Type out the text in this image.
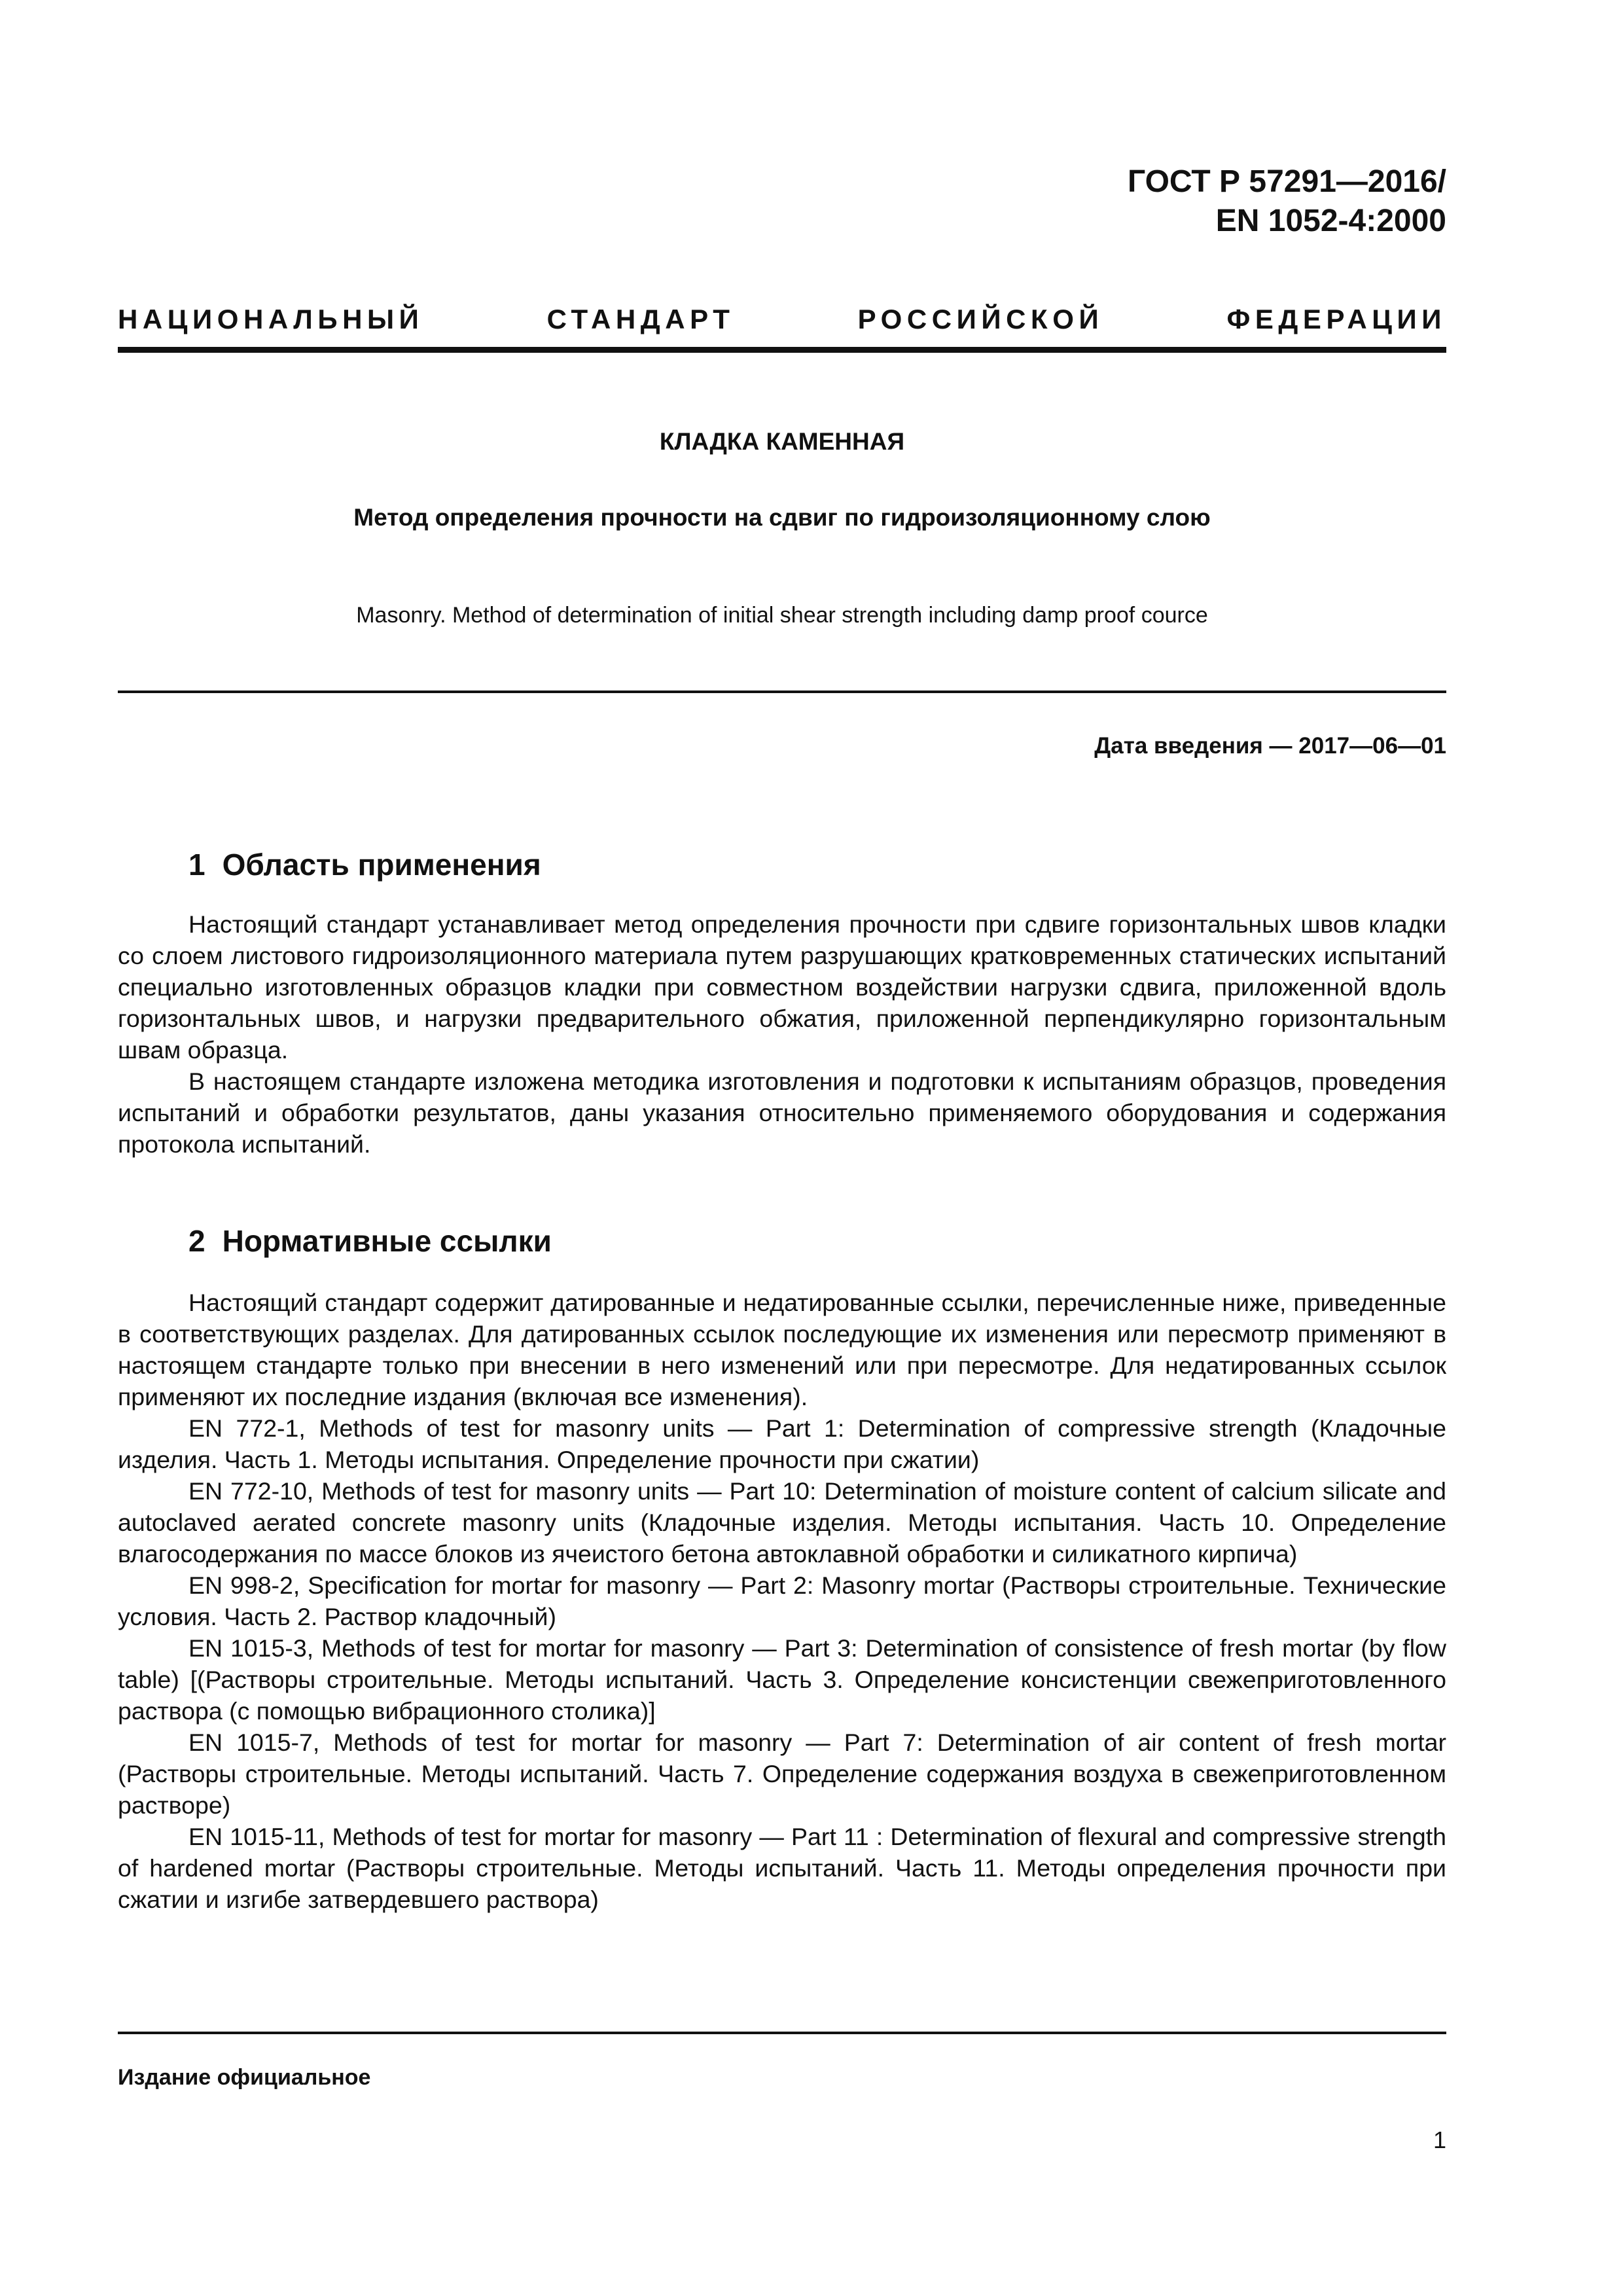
ГОСТ Р 57291—2016/
EN 1052-4:2000
НАЦИОНАЛЬНЫЙ СТАНДАРТ РОССИЙСКОЙ ФЕДЕРАЦИИ
КЛАДКА КАМЕННАЯ
Метод определения прочности на сдвиг по гидроизоляционному слою
Masonry. Method of determination of initial shear strength including damp proof cource
Дата введения — 2017—06—01
1 Область применения

Настоящий стандарт устанавливает метод определения прочности при сдвиге горизонтальных швов кладки со слоем листового гидроизоляционного материала путем разрушающих кратковременных статических испытаний специально изготовленных образцов кладки при совместном воздействии нагрузки сдвига, приложенной вдоль горизонтальных швов, и нагрузки предварительного обжатия, приложенной перпендикулярно горизонтальным швам образца.

В настоящем стандарте изложена методика изготовления и подготовки к испытаниям образцов, проведения испытаний и обработки результатов, даны указания относительно применяемого оборудования и содержания протокола испытаний.

2 Нормативные ссылки

Настоящий стандарт содержит датированные и недатированные ссылки, перечисленные ниже, приведенные в соответствующих разделах. Для датированных ссылок последующие их изменения или пересмотр применяют в настоящем стандарте только при внесении в него изменений или при пересмотре. Для недатированных ссылок применяют их последние издания (включая все изменения).

EN 772-1, Methods of test for masonry units — Part 1: Determination of compressive strength (Кладочные изделия. Часть 1. Методы испытания. Определение прочности при сжатии)

EN 772-10, Methods of test for masonry units — Part 10: Determination of moisture content of calcium silicate and autoclaved aerated concrete masonry units (Кладочные изделия. Методы испытания. Часть 10. Определение влагосодержания по массе блоков из ячеистого бетона автоклавной обработки и силикатного кирпича)

EN 998-2, Specification for mortar for masonry — Part 2: Masonry mortar (Растворы строительные. Технические условия. Часть 2. Раствор кладочный)

EN 1015-3, Methods of test for mortar for masonry — Part 3: Determination of consistence of fresh mortar (by flow table) [(Растворы строительные. Методы испытаний. Часть 3. Определение консистенции свежеприготовленного раствора (с помощью вибрационного столика)]

EN 1015-7, Methods of test for mortar for masonry — Part 7: Determination of air content of fresh mortar (Растворы строительные. Методы испытаний. Часть 7. Определение содержания воздуха в свежеприготовленном растворе)

EN 1015-11, Methods of test for mortar for masonry — Part 11 : Determination of flexural and compressive strength of hardened mortar (Растворы строительные. Методы испытаний. Часть 11. Методы определения прочности при сжатии и изгибе затвердевшего раствора)

Издание официальное
1
